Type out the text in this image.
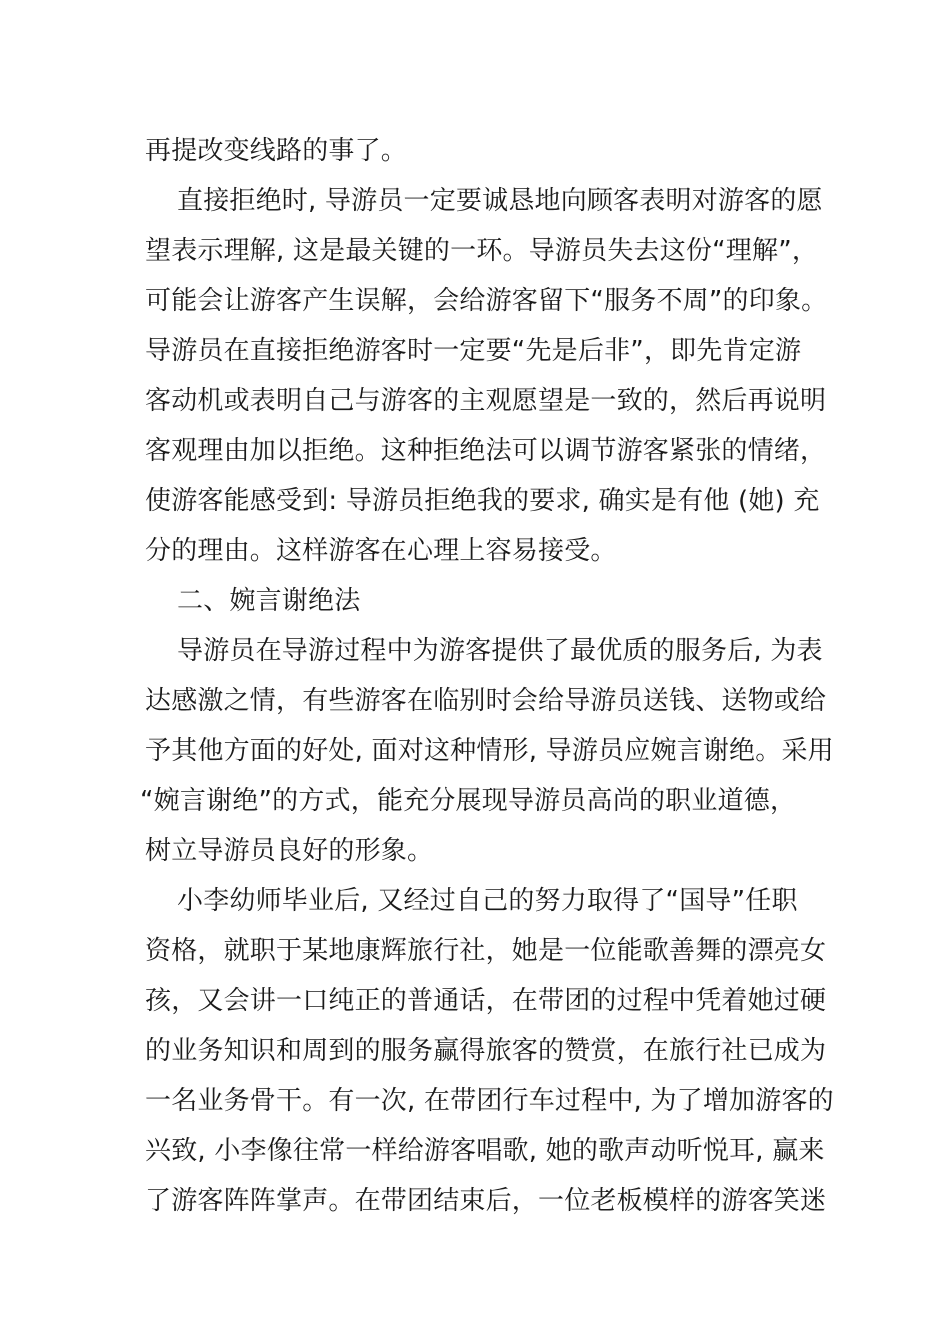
再提改变线路的事了。
直接拒绝时, 导游员一定要诚恳地向顾客表明对游客的愿
望表示理解, 这是最关键的一环。导游员失去这份“理解”，
可能会让游客产生误解，会给游客留下“服务不周”的印象。
导游员在直接拒绝游客时一定要“先是后非”，即先肯定游
客动机或表明自己与游客的主观愿望是一致的，然后再说明
客观理由加以拒绝。这种拒绝法可以调节游客紧张的情绪，
使游客能感受到: 导游员拒绝我的要求, 确实是有他 (她) 充
分的理由。这样游客在心理上容易接受。
二、婉言谢绝法
导游员在导游过程中为游客提供了最优质的服务后, 为表
达感激之情，有些游客在临别时会给导游员送钱、送物或给
予其他方面的好处, 面对这种情形, 导游员应婉言谢绝。采用
“婉言谢绝”的方式，能充分展现导游员高尚的职业道德，
树立导游员良好的形象。
小李幼师毕业后, 又经过自己的努力取得了“国导”任职
资格，就职于某地康辉旅行社，她是一位能歌善舞的漂亮女
孩，又会讲一口纯正的普通话，在带团的过程中凭着她过硬
的业务知识和周到的服务赢得旅客的赞赏，在旅行社已成为
一名业务骨干。有一次, 在带团行车过程中, 为了增加游客的
兴致, 小李像往常一样给游客唱歌, 她的歌声动听悦耳, 赢来
了游客阵阵掌声。在带团结束后，一位老板模样的游客笑迷
